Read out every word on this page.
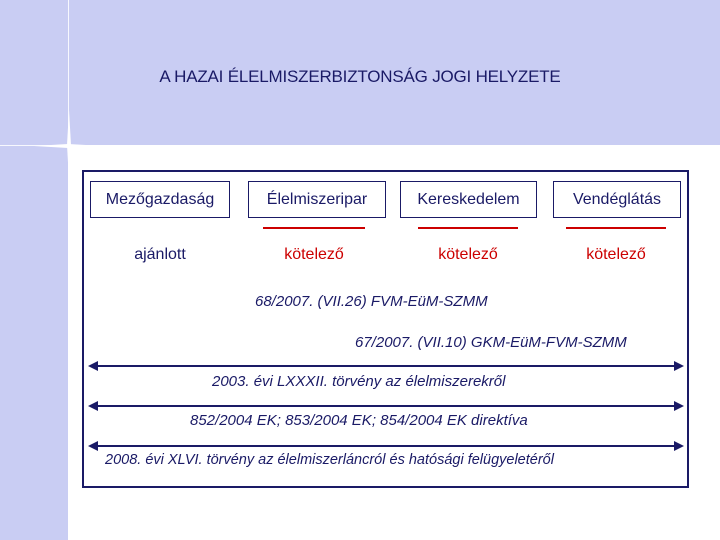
A HAZAI ÉLELMISZERBIZTONSÁG JOGI HELYZETE
Mezőgazdaság	Élelmiszeripar	Kereskedelem	Vendéglátás
ajánlott	kötelező	kötelező	kötelező
68/2007. (VII.26) FVM-EüM-SZMM
67/2007. (VII.10) GKM-EüM-FVM-SZMM
2003. évi LXXXII. törvény az élelmiszerekről
852/2004 EK; 853/2004 EK; 854/2004 EK direktíva
2008. évi XLVI. törvény az élelmiszerláncról és hatósági felügyeletéről
